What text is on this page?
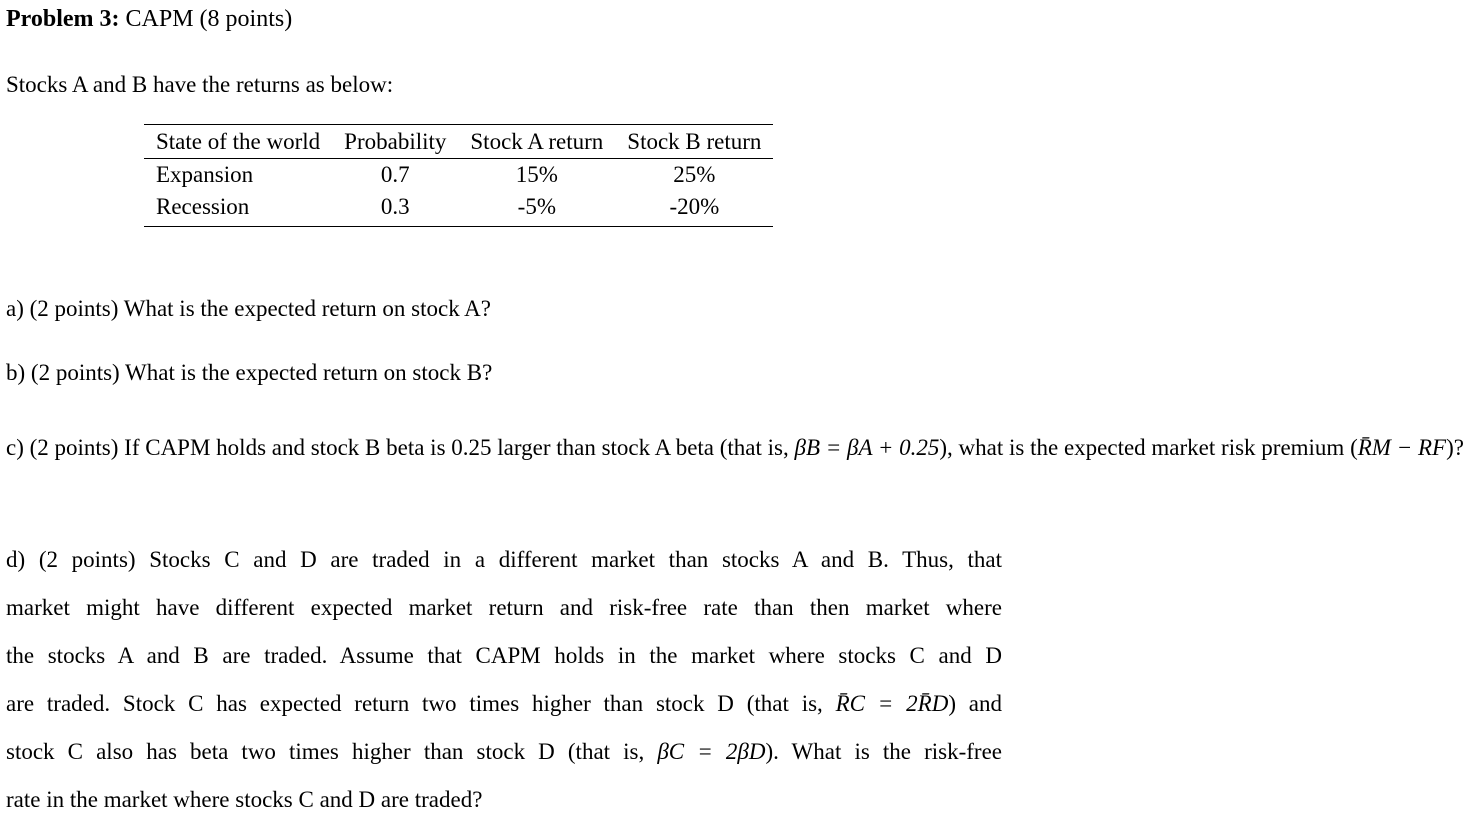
Problem 3: CAPM (8 points)
Stocks A and B have the returns as below:
State of the world	Probability	Stock A return	Stock B return
Expansion	0.7	15%	25%
Recession	0.3	-5%	-20%
a) (2 points) What is the expected return on stock A?
b) (2 points) What is the expected return on stock B?
c) (2 points) If CAPM holds and stock B beta is 0.25 larger than stock A beta (that is, βB = βA + 0.25), what is the expected market risk premium (R̄M − RF)?
d) (2 points) Stocks C and D are traded in a different market than stocks A and B. Thus, that
market might have different expected market return and risk-free rate than then market where
the stocks A and B are traded. Assume that CAPM holds in the market where stocks C and D
are traded. Stock C has expected return two times higher than stock D (that is, R̄C = 2R̄D) and
stock C also has beta two times higher than stock D (that is, βC = 2βD). What is the risk-free
rate in the market where stocks C and D are traded?
